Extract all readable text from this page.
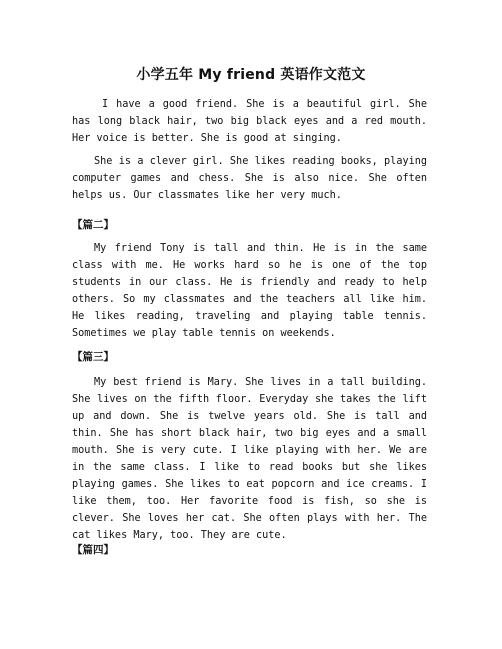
小学五年 My friend 英语作文范文

I have a good friend. She is a beautiful girl. She has long black hair, two big black eyes and a red mouth. Her voice is better. She is good at singing.

She is a clever girl. She likes reading books, playing computer games and chess. She is also nice. She often helps us. Our classmates like her very much.

【篇二】

My friend Tony is tall and thin. He is in the same class with me. He works hard so he is one of the top students in our class. He is friendly and ready to help others. So my classmates and the teachers all like him. He likes reading, traveling and playing table tennis. Sometimes we play table tennis on weekends.

【篇三】

My best friend is Mary. She lives in a tall building. She lives on the fifth floor. Everyday she takes the lift up and down. She is twelve years old. She is tall and thin. She has short black hair, two big eyes and a small mouth. She is very cute. I like playing with her. We are in the same class. I like to read books but she likes playing games. She likes to eat popcorn and ice creams. I like them, too. Her favorite food is fish, so she is clever. She loves her cat. She often plays with her. The cat likes Mary, too. They are cute.

【篇四】
